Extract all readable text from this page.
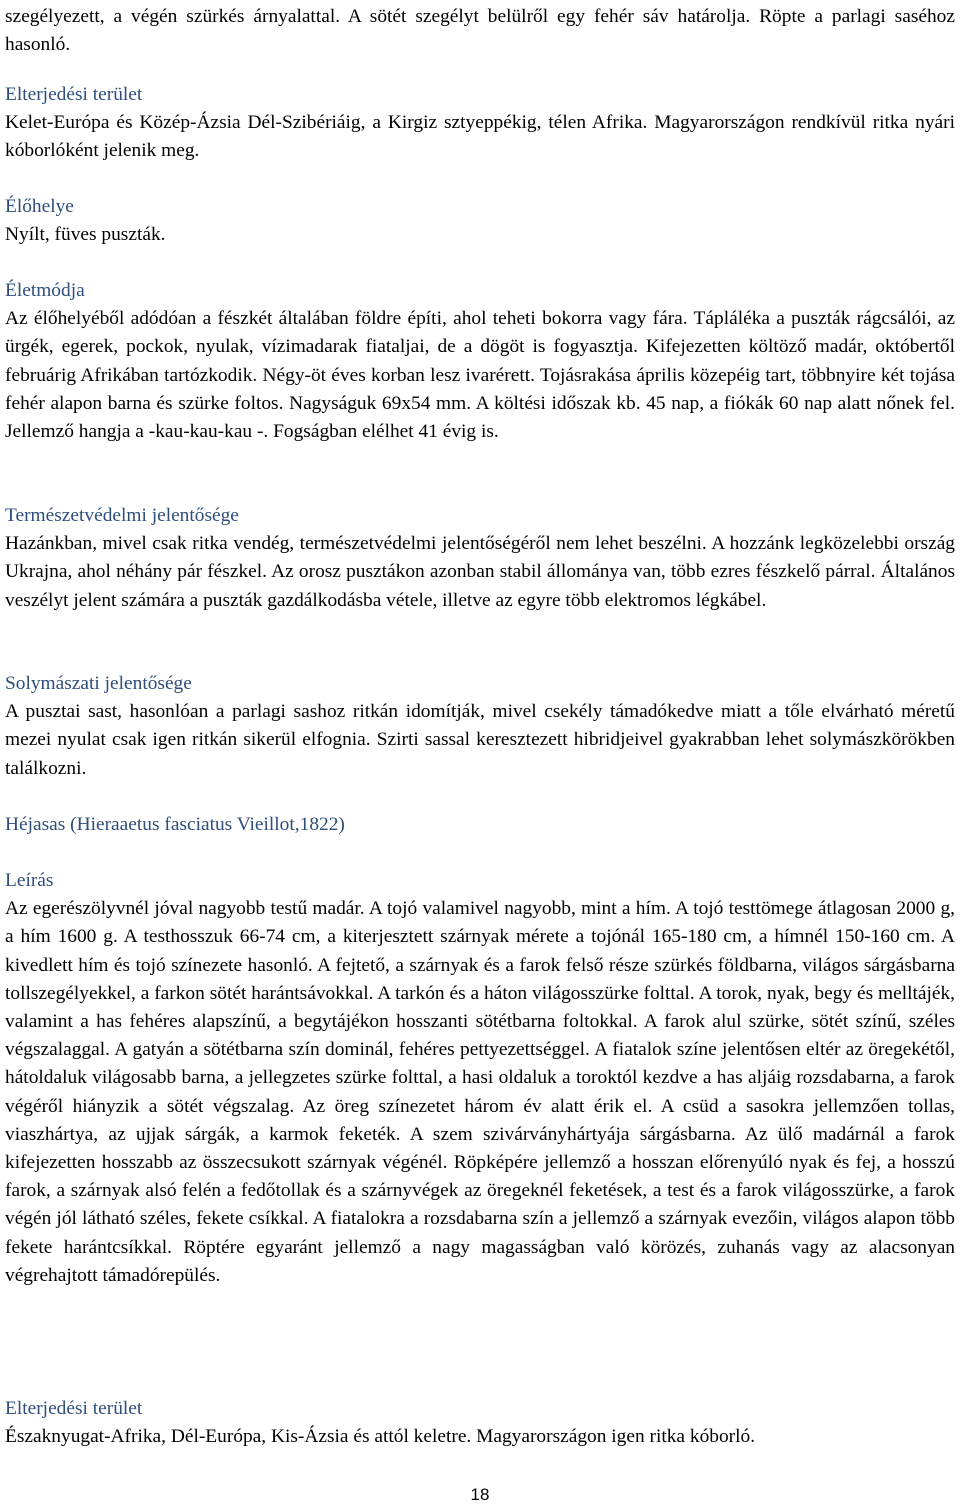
szegélyezett, a végén szürkés árnyalattal. A sötét szegélyt belülről egy fehér sáv határolja. Röpte a parlagi saséhoz hasonló.

Elterjedési terület

Kelet-Európa és Közép-Ázsia Dél-Szibériáig, a Kirgiz sztyeppékig, télen Afrika. Magyarországon rendkívül ritka nyári kóborlóként jelenik meg.

Élőhelye

Nyílt, füves puszták.

Életmódja

Az élőhelyéből adódóan a fészkét általában földre építi, ahol teheti bokorra vagy fára. Tápláléka a puszták rágcsálói, az ürgék, egerek, pockok, nyulak, vízimadarak fiataljai, de a dögöt is fogyasztja. Kifejezetten költöző madár, októbertől februárig Afrikában tartózkodik. Négy-öt éves korban lesz ivarérett. Tojásrakása április közepéig tart, többnyire két tojása fehér alapon barna és szürke foltos. Nagyságuk 69x54 mm. A költési időszak kb. 45 nap, a fiókák 60 nap alatt nőnek fel. Jellemző hangja a -kau-kau-kau -. Fogságban elélhet 41 évig is.

Természetvédelmi jelentősége

Hazánkban, mivel csak ritka vendég, természetvédelmi jelentőségéről nem lehet beszélni. A hozzánk legközelebbi ország Ukrajna, ahol néhány pár fészkel. Az orosz pusztákon azonban stabil állománya van, több ezres fészkelő párral. Általános veszélyt jelent számára a puszták gazdálkodásba vétele, illetve az egyre több elektromos légkábel.

Solymászati jelentősége

A pusztai sast, hasonlóan a parlagi sashoz ritkán idomítják, mivel csekély támadókedve miatt a tőle elvárható méretű mezei nyulat csak igen ritkán sikerül elfognia. Szirti sassal keresztezett hibridjeivel gyakrabban lehet solymászkörökben találkozni.

Héjasas (Hieraaetus fasciatus Vieillot,1822)
Leírás

Az egerészölyvnél jóval nagyobb testű madár. A tojó valamivel nagyobb, mint a hím. A tojó testtömege átlagosan 2000 g, a hím 1600 g. A testhosszuk 66-74 cm, a kiterjesztett szárnyak mérete a tojónál 165-180 cm, a hímnél 150-160 cm. A kivedlett hím és tojó színezete hasonló. A fejtető, a szárnyak és a farok felső része szürkés földbarna, világos sárgásbarna tollszegélyekkel, a farkon sötét harántsávokkal. A tarkón és a háton világosszürke folttal. A torok, nyak, begy és melltájék, valamint a has fehéres alapszínű, a begytájékon hosszanti sötétbarna foltokkal. A farok alul szürke, sötét színű, széles végszalaggal. A gatyán a sötétbarna szín dominál, fehéres pettyezettséggel. A fiatalok színe jelentősen eltér az öregekétől, hátoldaluk világosabb barna, a jellegzetes szürke folttal, a hasi oldaluk a toroktól kezdve a has aljáig rozsdabarna, a farok végéről hiányzik a sötét végszalag. Az öreg színezetet három év alatt érik el. A csüd a sasokra jellemzően tollas, viaszhártya, az ujjak sárgák, a karmok feketék. A szem szivárványhártyája sárgásbarna. Az ülő madárnál a farok kifejezetten hosszabb az összecsukott szárnyak végénél. Röpképére jellemző a hosszan előrenyúló nyak és fej, a hosszú farok, a szárnyak alsó felén a fedőtollak és a szárnyvégek az öregeknél feketések, a test és a farok világosszürke, a farok végén jól látható széles, fekete csíkkal. A fiatalokra a rozsdabarna szín a jellemző a szárnyak evezőin, világos alapon több fekete harántcsíkkal. Röptére egyaránt jellemző a nagy magasságban való körözés, zuhanás vagy az alacsonyan végrehajtott támadórepülés.

Elterjedési terület

Északnyugat-Afrika, Dél-Európa, Kis-Ázsia és attól keletre. Magyarországon igen ritka kóborló.

18
